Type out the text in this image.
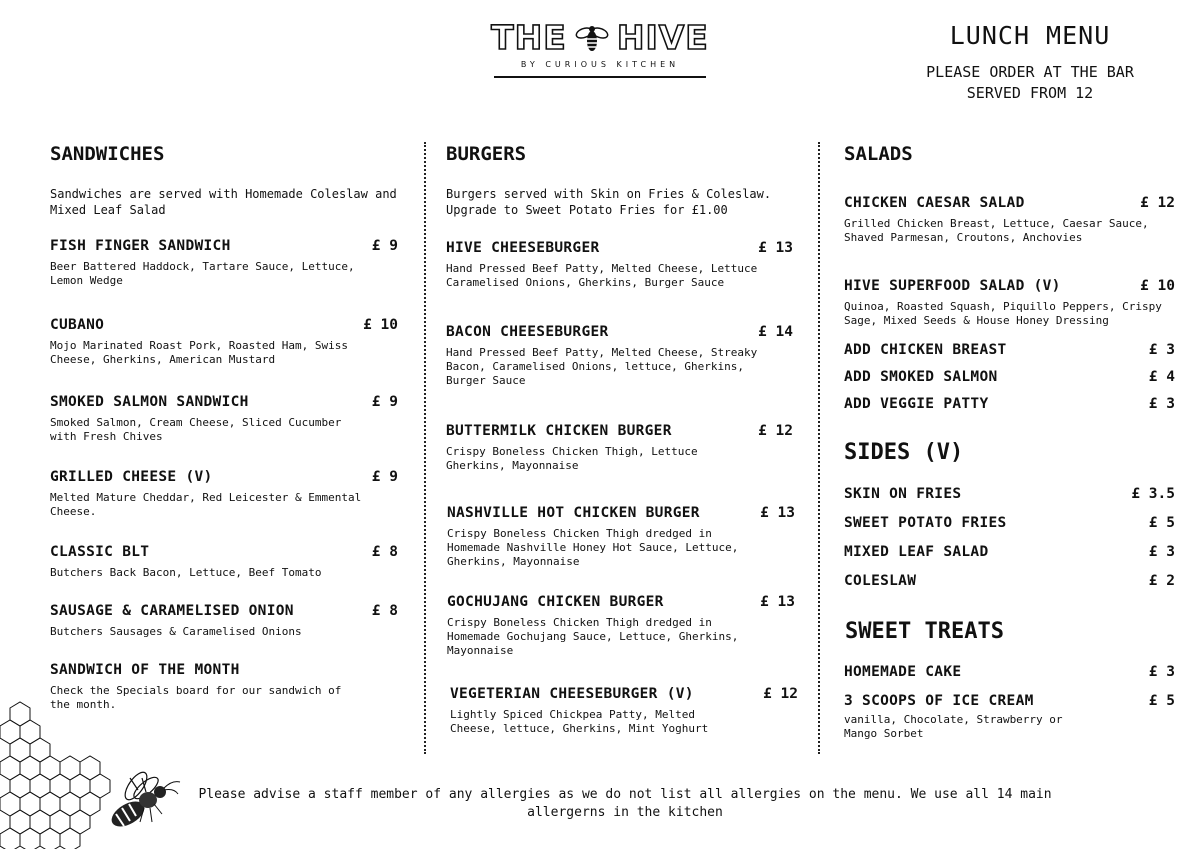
THE HIVE
BY CURIOUS KITCHEN
LUNCH MENU
PLEASE ORDER AT THE BAR
SERVED FROM 12
SANDWICHES
Sandwiches are served with Homemade Coleslaw and Mixed Leaf Salad
FISH FINGER SANDWICH	£ 9
Beer Battered Haddock, Tartare Sauce, Lettuce, Lemon Wedge
CUBANO	£ 10
Mojo Marinated Roast Pork, Roasted Ham, Swiss Cheese, Gherkins, American Mustard
SMOKED SALMON SANDWICH	£ 9
Smoked Salmon, Cream Cheese, Sliced Cucumber with Fresh Chives
GRILLED CHEESE (V)	£ 9
Melted Mature Cheddar, Red Leicester & Emmental Cheese.
CLASSIC BLT	£ 8
Butchers Back Bacon, Lettuce, Beef Tomato
SAUSAGE & CARAMELISED ONION	£ 8
Butchers Sausages & Caramelised Onions
SANDWICH OF THE MONTH
Check the Specials board for our sandwich of the month.
BURGERS
Burgers served with Skin on Fries & Coleslaw. Upgrade to Sweet Potato Fries for £1.00
HIVE CHEESEBURGER	£ 13
Hand Pressed Beef Patty, Melted Cheese, Lettuce Caramelised Onions, Gherkins, Burger Sauce
BACON CHEESEBURGER	£ 14
Hand Pressed Beef Patty, Melted Cheese, Streaky Bacon, Caramelised Onions, lettuce, Gherkins, Burger Sauce
BUTTERMILK CHICKEN BURGER	£ 12
Crispy Boneless Chicken Thigh, Lettuce Gherkins, Mayonnaise
NASHVILLE HOT CHICKEN BURGER	£ 13
Crispy Boneless Chicken Thigh dredged in Homemade Nashville Honey Hot Sauce, Lettuce, Gherkins, Mayonnaise
GOCHUJANG CHICKEN BURGER	£ 13
Crispy Boneless Chicken Thigh dredged in Homemade Gochujang Sauce, Lettuce, Gherkins, Mayonnaise
VEGETERIAN CHEESEBURGER (V)	£ 12
Lightly Spiced Chickpea Patty, Melted Cheese, lettuce, Gherkins, Mint Yoghurt
SALADS
CHICKEN CAESAR SALAD	£ 12
Grilled Chicken Breast, Lettuce, Caesar Sauce, Shaved Parmesan, Croutons, Anchovies
HIVE SUPERFOOD SALAD (V)	£ 10
Quinoa, Roasted Squash, Piquillo Peppers, Crispy Sage, Mixed Seeds & House Honey Dressing
ADD CHICKEN BREAST	£ 3
ADD SMOKED SALMON	£ 4
ADD VEGGIE PATTY	£ 3
SIDES (V)
SKIN ON FRIES	£ 3.5
SWEET POTATO FRIES	£ 5
MIXED LEAF SALAD	£ 3
COLESLAW	£ 2
SWEET TREATS
HOMEMADE CAKE	£ 3
3 SCOOPS OF ICE CREAM	£ 5
vanilla, Chocolate, Strawberry or Mango Sorbet
Please advise a staff member of any allergies as we do not list all allergies on the menu. We use all 14 main allergerns in the kitchen
